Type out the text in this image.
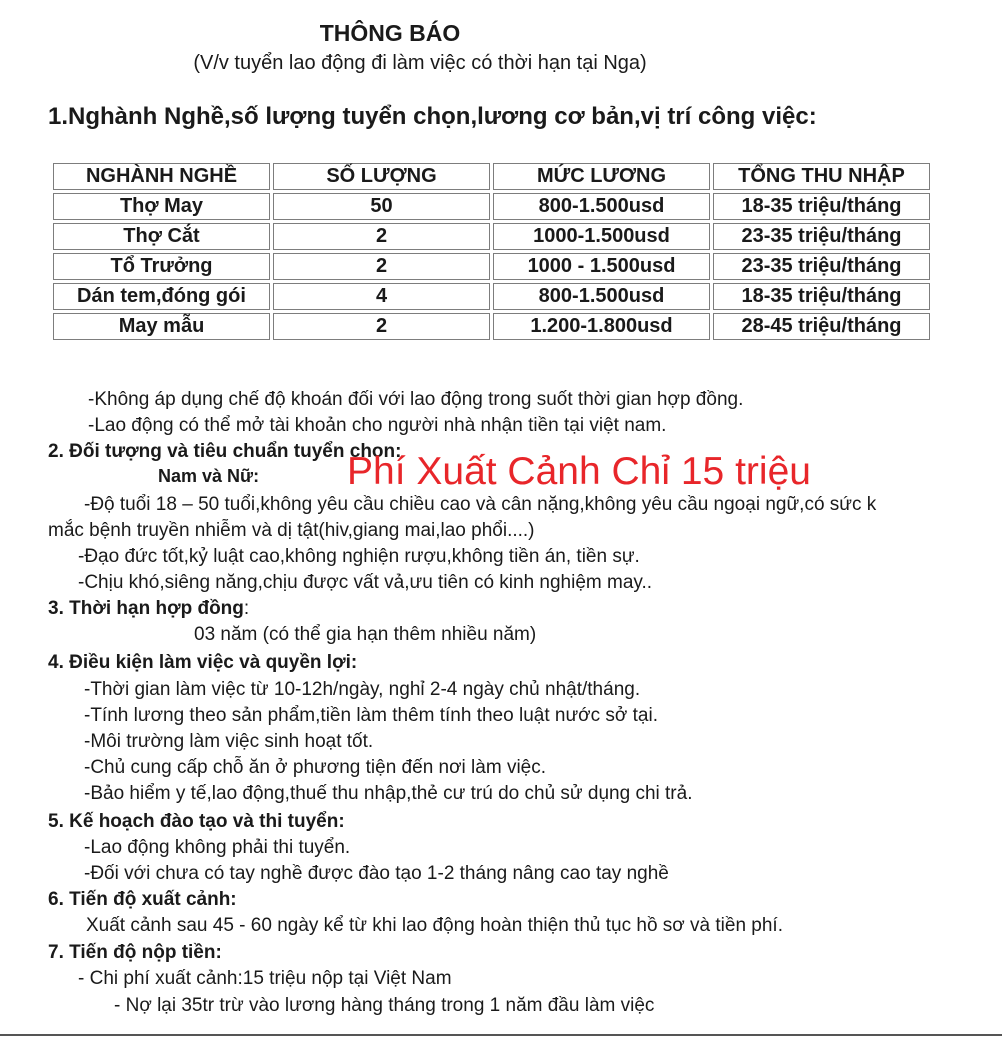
THÔNG BÁO
(V/v tuyển lao động đi làm việc có thời hạn tại Nga)
1.Nghành Nghề,số lượng tuyển chọn,lương cơ bản,vị trí công việc:
NGHÀNH NGHỀ	SỐ LƯỢNG	MỨC LƯƠNG	TỔNG THU NHẬP
Thợ May	50	800-1.500usd	18-35 triệu/tháng
Thợ Cắt	2	1000-1.500usd	23-35 triệu/tháng
Tổ Trưởng	2	1000 - 1.500usd	23-35 triệu/tháng
Dán tem,đóng gói	4	800-1.500usd	18-35 triệu/tháng
May mẫu	2	1.200-1.800usd	28-45 triệu/tháng
-Không áp dụng chế độ khoán đối với lao động trong suốt thời gian hợp đồng.
-Lao động có thể mở tài khoản cho người nhà nhận tiền tại việt nam.
2. Đối tượng và tiêu chuẩn tuyển chọn:
Nam và Nữ:
-Độ tuổi 18 – 50 tuổi,không yêu cầu chiều cao và cân nặng,không yêu cầu ngoại ngữ,có sức k
mắc bệnh truyền nhiễm và dị tật(hiv,giang mai,lao phổi....)
-Đạo đức tốt,kỷ luật cao,không nghiện rượu,không tiền án, tiền sự.
-Chịu khó,siêng năng,chịu được vất vả,ưu tiên có kinh nghiệm may..
Phí Xuất Cảnh Chỉ 15 triệu
3. Thời hạn hợp đồng:
03 năm (có thể gia hạn thêm nhiều năm)
4. Điều kiện làm việc và quyền lợi:
-Thời gian làm việc từ 10-12h/ngày, nghỉ 2-4 ngày chủ nhật/tháng.
-Tính lương theo sản phẩm,tiền làm thêm tính theo luật nước sở tại.
-Môi trường làm việc sinh hoạt tốt.
-Chủ cung cấp chỗ ăn ở phương tiện đến nơi làm việc.
-Bảo hiểm y tế,lao động,thuế thu nhập,thẻ cư trú do chủ sử dụng chi trả.
5. Kế hoạch đào tạo và thi tuyển:
-Lao động không phải thi tuyển.
-Đối với chưa có tay nghề được đào tạo 1-2 tháng nâng cao tay nghề
6. Tiến độ xuất cảnh:
Xuất cảnh sau 45 - 60 ngày kể từ khi lao động hoàn thiện thủ tục hồ sơ và tiền phí.
7. Tiến độ nộp tiền:
- Chi phí xuất cảnh:15 triệu nộp tại Việt Nam
- Nợ lại 35tr trừ vào lương hàng tháng trong 1 năm đầu làm việc
